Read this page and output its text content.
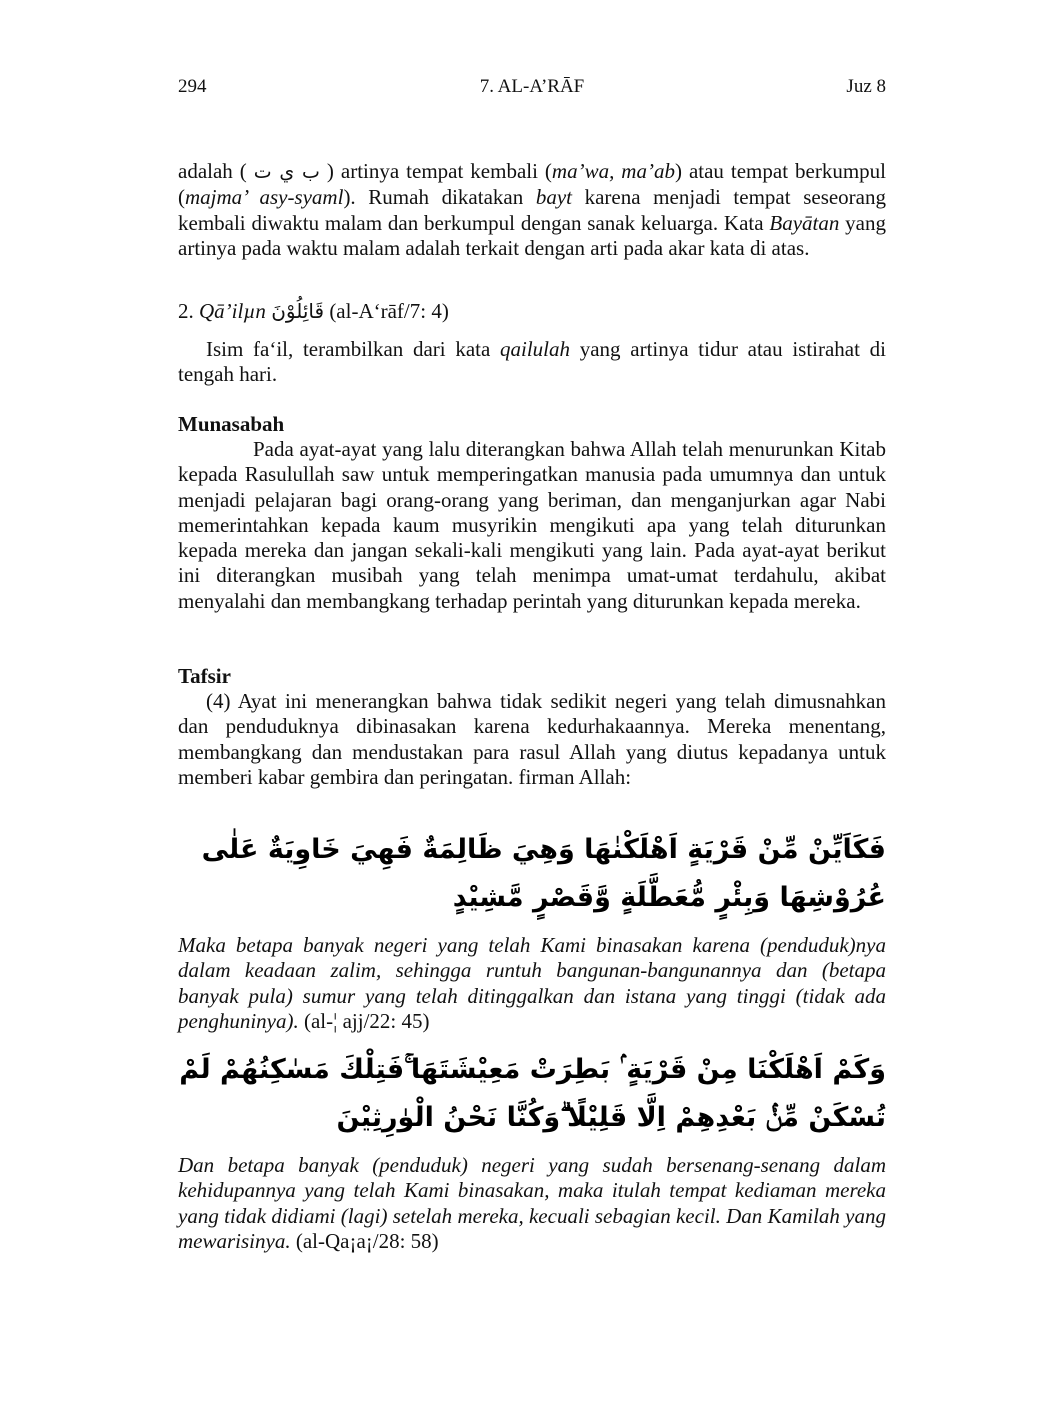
294	7. AL-A’RĀF	Juz 8
adalah ( ب ي ت ) artinya tempat kembali (ma’wa, ma’ab) atau tempat berkumpul (majma’ asy-syaml). Rumah dikatakan bayt karena menjadi tempat seseorang kembali diwaktu malam dan berkumpul dengan sanak keluarga. Kata Bayātan yang artinya pada waktu malam adalah terkait dengan arti pada akar kata di atas.
2. Qā’ilµn قَائِلُوْنَ (al-A‘rāf/7: 4)
Isim fa‘il, terambilkan dari kata qailulah yang artinya tidur atau istirahat di tengah hari.
Munasabah
Pada ayat-ayat yang lalu diterangkan bahwa Allah telah menurunkan Kitab kepada Rasulullah saw untuk memperingatkan manusia pada umumnya dan untuk menjadi pelajaran bagi orang-orang yang beriman, dan menganjurkan agar Nabi memerintahkan kepada kaum musyrikin mengikuti apa yang telah diturunkan kepada mereka dan jangan sekali-kali mengikuti yang lain. Pada ayat-ayat berikut ini diterangkan musibah yang telah menimpa umat-umat terdahulu, akibat menyalahi dan membangkang terhadap perintah yang diturunkan kepada mereka.
Tafsir
(4) Ayat ini menerangkan bahwa tidak sedikit negeri yang telah dimusnahkan dan penduduknya dibinasakan karena kedurhakaannya. Mereka menentang, membangkang dan mendustakan para rasul Allah yang diutus kepadanya untuk memberi kabar gembira dan peringatan. firman Allah:
فَكَاَيِّنْ مِّنْ قَرْيَةٍ اَهْلَكْنٰهَا وَهِيَ ظَالِمَةٌ فَهِيَ خَاوِيَةٌ عَلٰى عُرُوْشِهَا وَبِئْرٍ مُّعَطَّلَةٍ وَّقَصْرٍ مَّشِيْدٍ
Maka betapa banyak negeri yang telah Kami binasakan karena (penduduk)nya dalam keadaan zalim, sehingga runtuh bangunan-bangunannya dan (betapa banyak pula) sumur yang telah ditinggalkan dan istana yang tinggi (tidak ada penghuninya). (al-¦ ajj/22: 45)
وَكَمْ اَهْلَكْنَا مِنْ قَرْيَةٍ ۢ بَطِرَتْ مَعِيْشَتَهَا ۚفَتِلْكَ مَسٰكِنُهُمْ لَمْ تُسْكَنْ مِّنْۢ بَعْدِهِمْ اِلَّا قَلِيْلًا ۗوَكُنَّا نَحْنُ الْوٰرِثِيْنَ
Dan betapa banyak (penduduk) negeri yang sudah bersenang-senang dalam kehidupannya yang telah Kami binasakan, maka itulah tempat kediaman mereka yang tidak didiami (lagi) setelah mereka, kecuali sebagian kecil. Dan Kamilah yang mewarisinya. (al-Qa¡a¡/28: 58)
